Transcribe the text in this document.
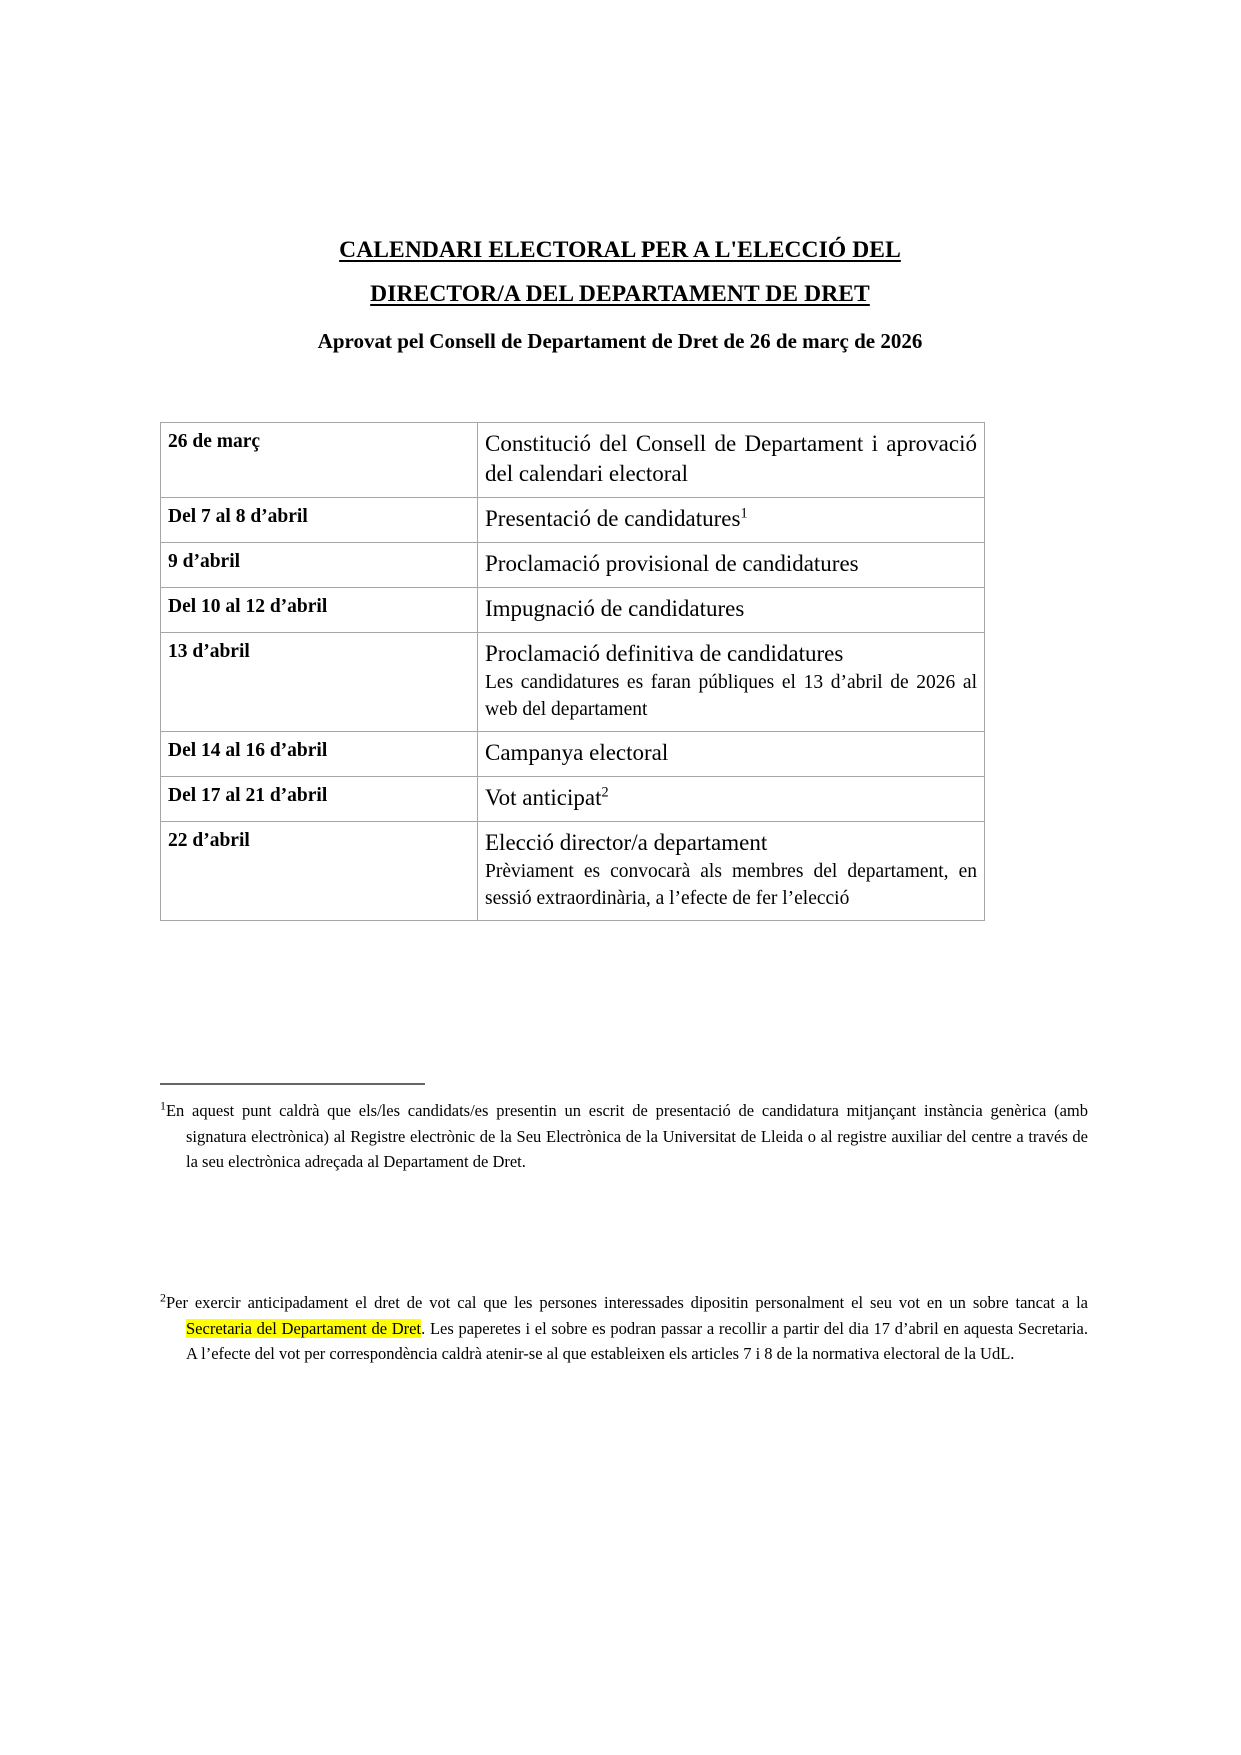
CALENDARI ELECTORAL PER A L'ELECCIÓ DEL
DIRECTOR/A DEL DEPARTAMENT DE DRET
Aprovat pel Consell de Departament de Dret de 26 de març de 2026
26 de març	Constitució del Consell de Departament i aprovació del calendari electoral

Del 7 al 8 d’abril	Presentació de candidatures$^1$

9 d’abril	Proclamació provisional de candidatures

Del 10 al 12 d’abril	Impugnació de candidatures

13 d’abril	Proclamació definitiva de candidatures
Les candidatures es faran públiques el 13 d’abril de 2026 al web del departament

Del 14 al 16 d’abril	Campanya electoral

Del 17 al 21 d’abril	Vot anticipat$^2$

22 d’abril	Elecció director/a departament
Prèviament es convocarà als membres del departament, en sessió extraordinària, a l’efecte de fer l’elecció

$^1$En aquest punt caldrà que els/les candidats/es presentin un escrit de presentació de candidatura mitjançant instància genèrica (amb signatura electrònica) al Registre electrònic de la Seu Electrònica de la Universitat de Lleida o al registre auxiliar del centre a través de la seu electrònica adreçada al Departament de Dret.

$^2$Per exercir anticipadament el dret de vot cal que les persones interessades dipositin personalment el seu vot en un sobre tancat a la Secretaria del Departament de Dret. Les paperetes i el sobre es podran passar a recollir a partir del dia 17 d’abril en aquesta Secretaria. A l’efecte del vot per correspondència caldrà atenir-se al que estableixen els articles 7 i 8 de la normativa electoral de la UdL.
